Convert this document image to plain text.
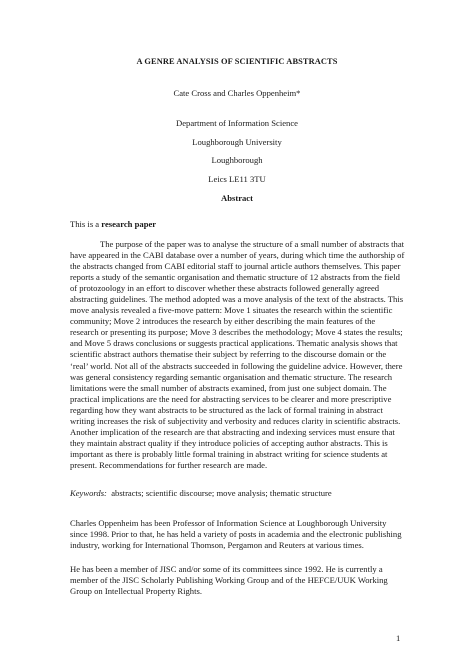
A GENRE ANALYSIS OF SCIENTIFIC ABSTRACTS
Cate Cross and Charles Oppenheim*
Department of Information Science
Loughborough University
Loughborough
Leics LE11 3TU
Abstract
This is a research paper
The purpose of the paper was to analyse the structure of a small number of abstracts that have appeared in the CABI database over a number of years, during which time the authorship of the abstracts changed from CABI editorial staff to journal article authors themselves. This paper reports a study of the semantic organisation and thematic structure of 12 abstracts from the field of protozoology in an effort to discover whether these abstracts followed generally agreed abstracting guidelines. The method adopted was a move analysis of the text of the abstracts. This move analysis revealed a five-move pattern: Move 1 situates the research within the scientific community; Move 2 introduces the research by either describing the main features of the research or presenting its purpose; Move 3 describes the methodology; Move 4 states the results; and Move 5 draws conclusions or suggests practical applications. Thematic analysis shows that scientific abstract authors thematise their subject by referring to the discourse domain or the ‘real’ world. Not all of the abstracts succeeded in following the guideline advice. However, there was general consistency regarding semantic organisation and thematic structure. The research limitations were the small number of abstracts examined, from just one subject domain. The practical implications are the need for abstracting services to be clearer and more prescriptive regarding how they want abstracts to be structured as the lack of formal training in abstract writing increases the risk of subjectivity and verbosity and reduces clarity in scientific abstracts. Another implication of the research are that abstracting and indexing services must ensure that they maintain abstract quality if they introduce policies of accepting author abstracts. This is important as there is probably little formal training in abstract writing for science students at present. Recommendations for further research are made.
Keywords:  abstracts; scientific discourse; move analysis; thematic structure
Charles Oppenheim has been Professor of Information Science at Loughborough University since 1998. Prior to that, he has held a variety of posts in academia and the electronic publishing industry, working for International Thomson, Pergamon and Reuters at various times.
He has been a member of JISC and/or some of its committees since 1992. He is currently a member of the JISC Scholarly Publishing Working Group and of the HEFCE/UUK Working Group on Intellectual Property Rights.
1
